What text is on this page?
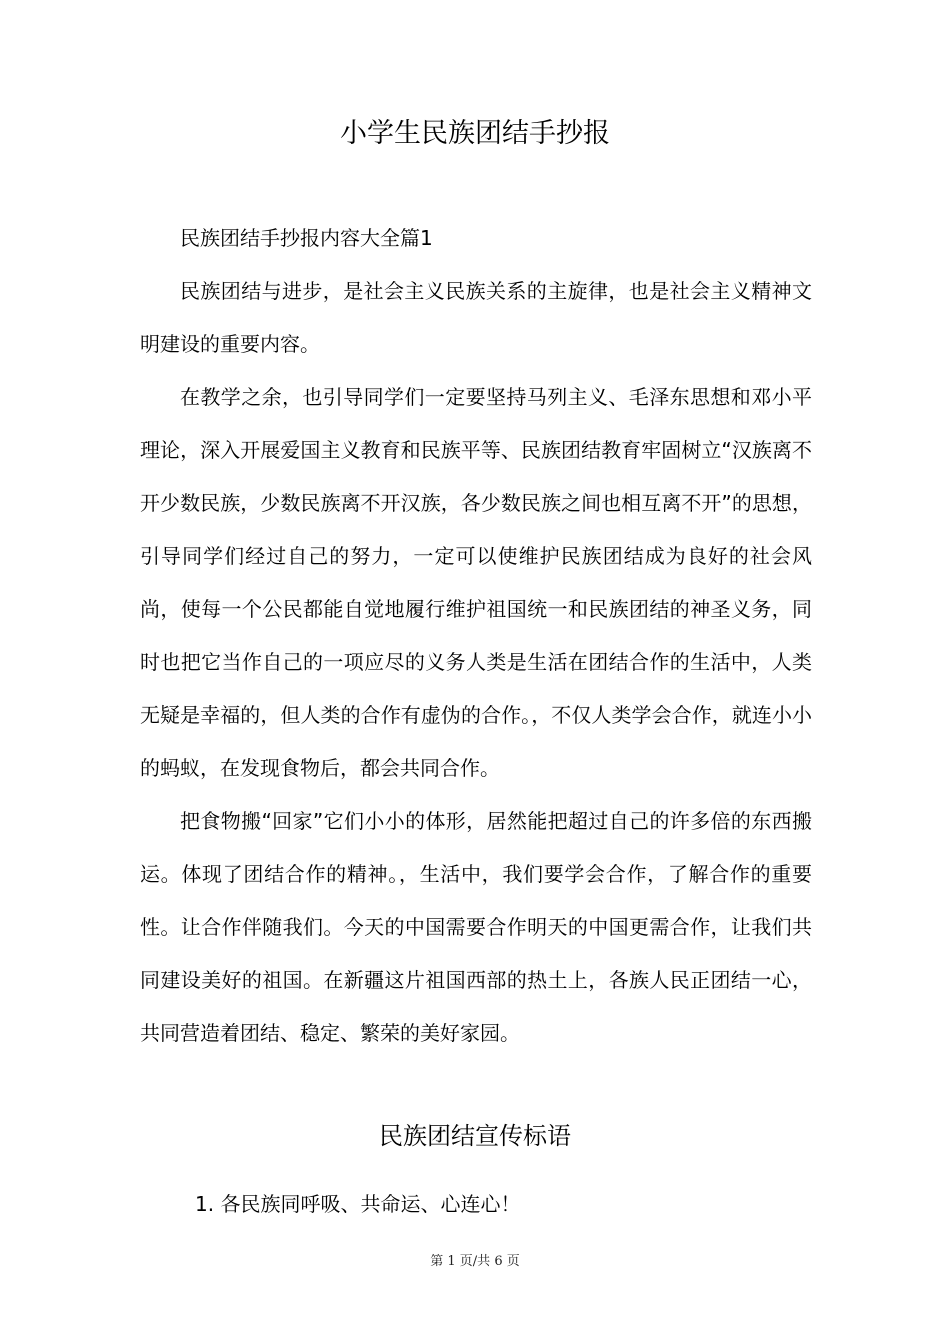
小学生民族团结手抄报

民族团结手抄报内容大全篇1

民族团结与进步，是社会主义民族关系的主旋律，也是社会主义精神文明建设的重要内容。

在教学之余，也引导同学们一定要坚持马列主义、毛泽东思想和邓小平理论，深入开展爱国主义教育和民族平等、民族团结教育牢固树立“汉族离不开少数民族，少数民族离不开汉族，各少数民族之间也相互离不开”的思想，引导同学们经过自己的努力，一定可以使维护民族团结成为良好的社会风尚，使每一个公民都能自觉地履行维护祖国统一和民族团结的神圣义务，同时也把它当作自己的一项应尽的义务人类是生活在团结合作的生活中，人类无疑是幸福的，但人类的合作有虚伪的合作。，不仅人类学会合作，就连小小的蚂蚁，在发现食物后，都会共同合作。

把食物搬“回家”它们小小的体形，居然能把超过自己的许多倍的东西搬运。体现了团结合作的精神。，生活中，我们要学会合作，了解合作的重要性。让合作伴随我们。今天的中国需要合作明天的中国更需合作，让我们共同建设美好的祖国。在新疆这片祖国西部的热土上，各族人民正团结一心，共同营造着团结、稳定、繁荣的美好家园。

民族团结宣传标语

1. 各民族同呼吸、共命运、心连心！

第 1 页/共 6 页
